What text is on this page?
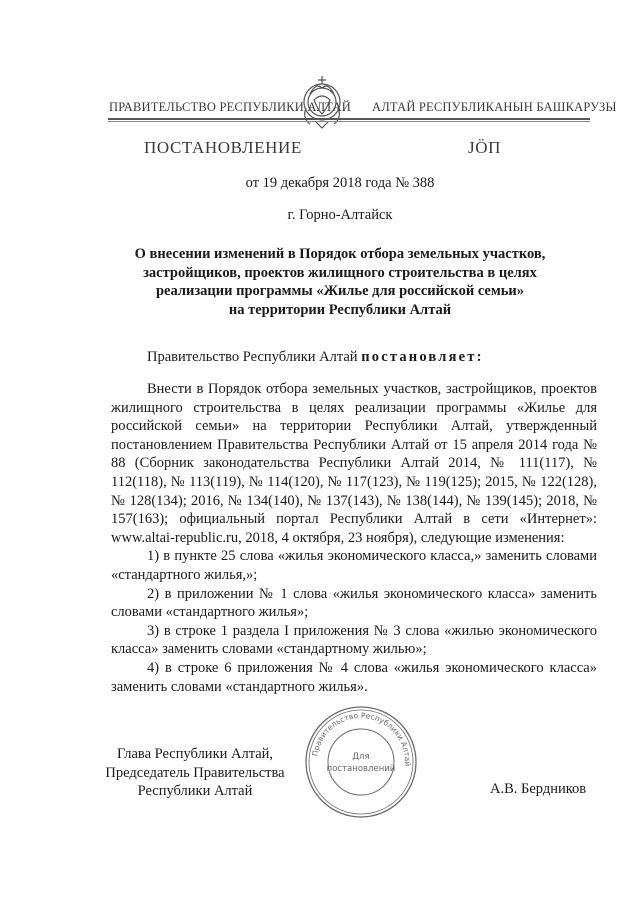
ПРАВИТЕЛЬСТВО РЕСПУБЛИКИ АЛТАЙ АЛТАЙ РЕСПУБЛИКАНЫН БАШКАРУЗЫ
ПОСТАНОВЛЕНИЕ	ЈӦП
от 19 декабря 2018 года № 388
г. Горно-Алтайск
О внесении изменений в Порядок отбора земельных участков,
застройщиков, проектов жилищного строительства в целях
реализации программы «Жилье для российской семьи»
на территории Республики Алтай
Правительство Республики Алтай постановляет:

Внести в Порядок отбора земельных участков, застройщиков, проектов жилищного строительства в целях реализации программы «Жилье для российской семьи» на территории Республики Алтай, утвержденный постановлением Правительства Республики Алтай от 15 апреля 2014 года № 88 (Сборник законодательства Республики Алтай 2014, № 111(117), № 112(118), № 113(119), № 114(120), № 117(123), № 119(125); 2015, № 122(128), № 128(134); 2016, № 134(140), № 137(143), № 138(144), № 139(145); 2018, № 157(163); официальный портал Республики Алтай в сети «Интернет»: www.altai-republic.ru, 2018, 4 октября, 23 ноября), следующие изменения:

1) в пункте 25 слова «жилья экономического класса,» заменить словами «стандартного жилья,»;

2) в приложении № 1 слова «жилья экономического класса» заменить словами «стандартного жилья»;

3) в строке 1 раздела I приложения № 3 слова «жилью экономического класса» заменить словами «стандартному жилью»;

4) в строке 6 приложения № 4 слова «жилья экономического класса» заменить словами «стандартного жилья».

Глава Республики Алтай,
Председатель Правительства
Республики Алтай
Правительство Республики Алтай
Для
постановлений
А.В. Бердников
